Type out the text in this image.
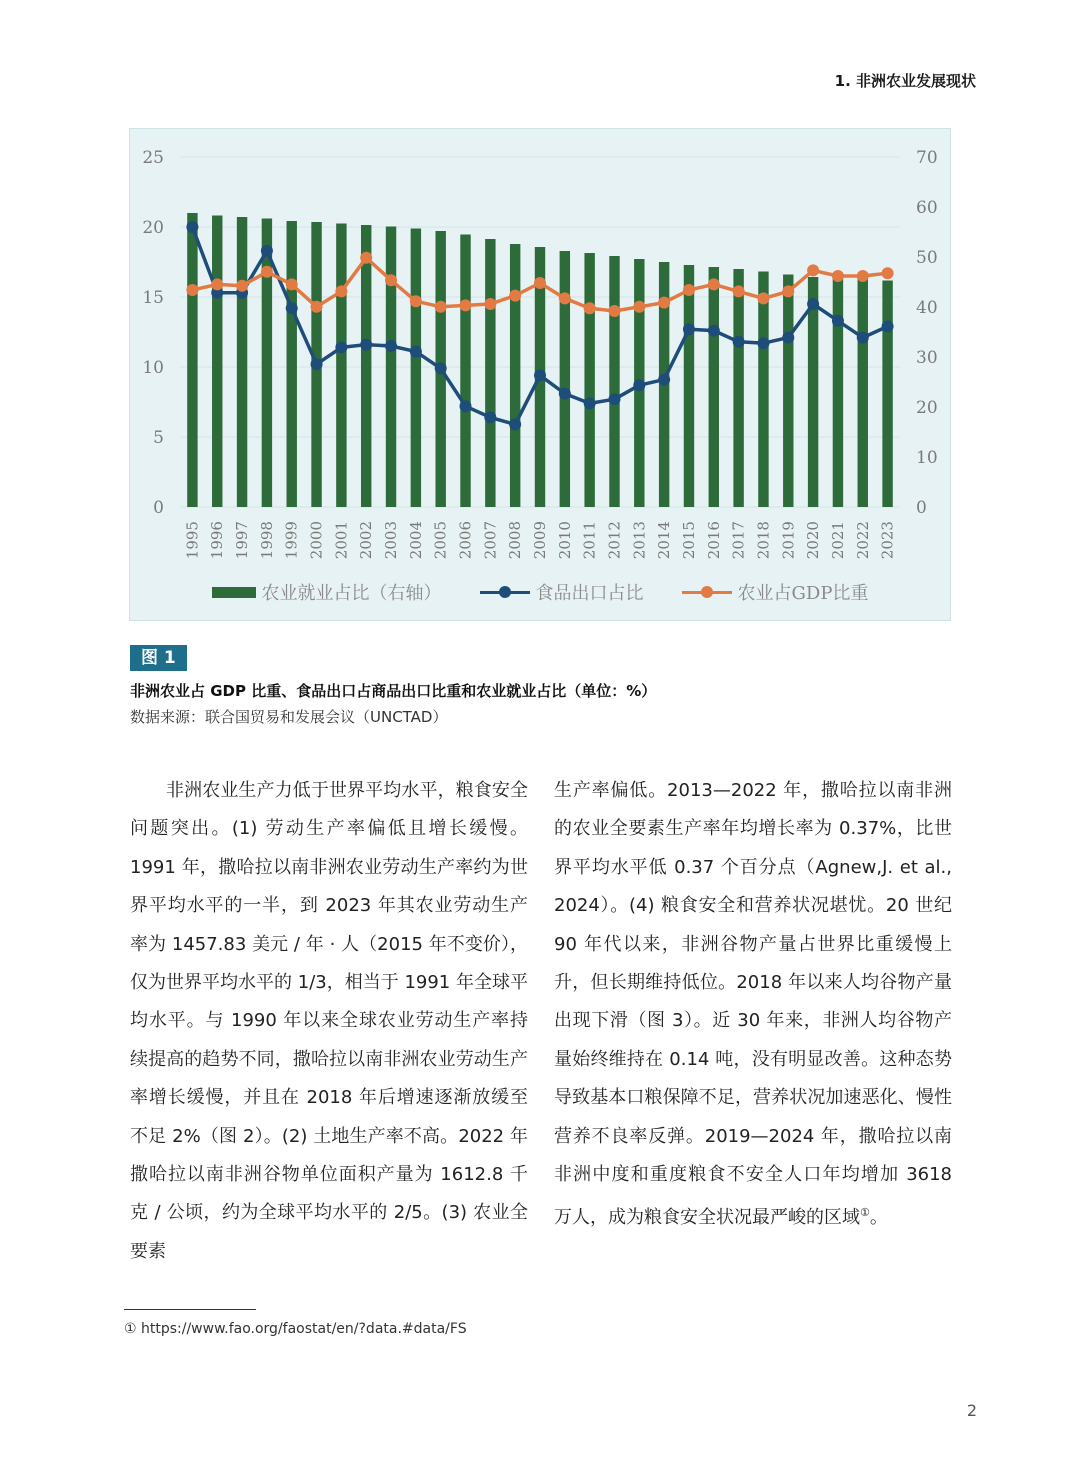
1. 非洲农业发展现状
0
5
10
15
20
25
0
10
20
30
40
50
60
70
1995 1996 1997 1998 1999 2000 2001 2002 2003 2004 2005 2006 2007 2008 2009 2010 2011 2012 2013 2014 2015 2016 2017 2018 2019 2020 2021 2022 2023
农业就业占比（右轴）	食品出口占比	农业占GDP比重
图 1
非洲农业占 GDP 比重、食品出口占商品出口比重和农业就业占比（单位：%）
数据来源：联合国贸易和发展会议（UNCTAD）

非洲农业生产力低于世界平均水平，粮食安全问题突出。(1) 劳动生产率偏低且增长缓慢。1991 年，撒哈拉以南非洲农业劳动生产率约为世界平均水平的一半，到 2023 年其农业劳动生产率为 1457.83 美元 / 年 · 人（2015 年不变价），仅为世界平均水平的 1/3，相当于 1991 年全球平均水平。与 1990 年以来全球农业劳动生产率持续提高的趋势不同，撒哈拉以南非洲农业劳动生产率增长缓慢，并且在 2018 年后增速逐渐放缓至不足 2%（图 2）。(2) 土地生产率不高。2022 年撒哈拉以南非洲谷物单位面积产量为 1612.8 千克 / 公顷，约为全球平均水平的 2/5。(3) 农业全要素

生产率偏低。2013—2022 年，撒哈拉以南非洲的农业全要素生产率年均增长率为 0.37%，比世界平均水平低 0.37 个百分点（Agnew,J. et al., 2024）。(4) 粮食安全和营养状况堪忧。20 世纪 90 年代以来，非洲谷物产量占世界比重缓慢上升，但长期维持低位。2018 年以来人均谷物产量出现下滑（图 3）。近 30 年来，非洲人均谷物产量始终维持在 0.14 吨，没有明显改善。这种态势导致基本口粮保障不足，营养状况加速恶化、慢性营养不良率反弹。2019—2024 年，撒哈拉以南非洲中度和重度粮食不安全人口年均增加 3618 万人，成为粮食安全状况最严峻的区域①。

① https://www.fao.org/faostat/en/?data.#data/FS
2
